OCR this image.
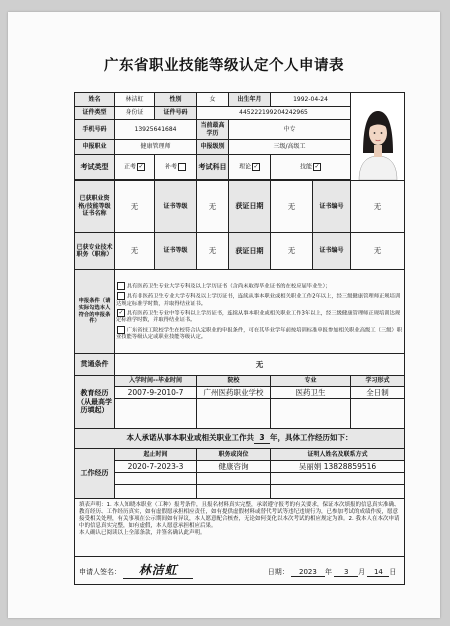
广东省职业技能等级认定个人申请表
姓名	林洁虹	性别	女	出生年月	1992-04-24	

证件类型	身份证	证件号码	445222199204242965				
手机号码	13925641684		当前最高学历	中专			
申报职业	健康管理师		申报级别	三级/高级工			
考试类型	正考 ✓	补考	考试科目	理论 ✓	技能 ✓		

已获职业资格/技能等级证书名称	无	证书等级	无	获证日期	无	证书编号	无
已获专业技术职务（职称）	无	证书等级	无	获证日期	无	证书编号	无
申报条件（请实际勾选本人符合的申报条件）	具有医药卫生专业大学专科及以上学历证书（含尚未取得毕业证书的在校应届毕业生）；
具有非医药卫生专业大学专科及以上学历证书，连续从事本职业或相关职业工作2年以上，经三级健康管理师正规培训达规定标准学时数，并取得结业证书。
✓ 具有医药卫生专业中等专科以上学历证书，连续从事本职业或相关职业工作3年以上，经三级健康管理师正规培训达规定标准学时数，并取得结业证书。
广东省技工院校学生在校符合认定职业的申报条件，可在其毕业学年前按培训标准申报参加相关职业高级工（三级）职业技能等级认定或职业技能等级认定。						

贯通条件	无						
教育经历（从最高学历填起）	入学时间--毕业时间		院校		专业		学习形式
	2007-9-2010-7		广州医药职业学校		医药卫生		全日制

本人承诺从事本职业或相关职业工作共 3 年，具体工作经历如下：							
工作经历	起止时间		职务或岗位		证明人姓名及联系方式		
	2020-7-2023-3		健康咨询		吴丽娟 13828859516		

填表声明：1. 本人知晓本职业（工种）报考条件，且报名材料真实完整，承诺遵守报考的有关要求，保证本次填报的信息真实准确、教育经历、工作经历真实，如有虚假愿承担相应责任，如有提供虚假材料或替代考试等违纪违规行为，已参加考试的成绩作废，愿意接受相关处理，有关事项在公示期间如有异议，本人愿意配合核查，无论如何变化以本次考试的相应规定为准。2. 我本人在本次申请中的信息真实完整，如有虚假，本人愿意承担相应后果。
本人确认已阅读以上全部条款，并签名确认此声明。							

申请人签名： 林洁虹 日期： 2023 年 3 月 14 日							
